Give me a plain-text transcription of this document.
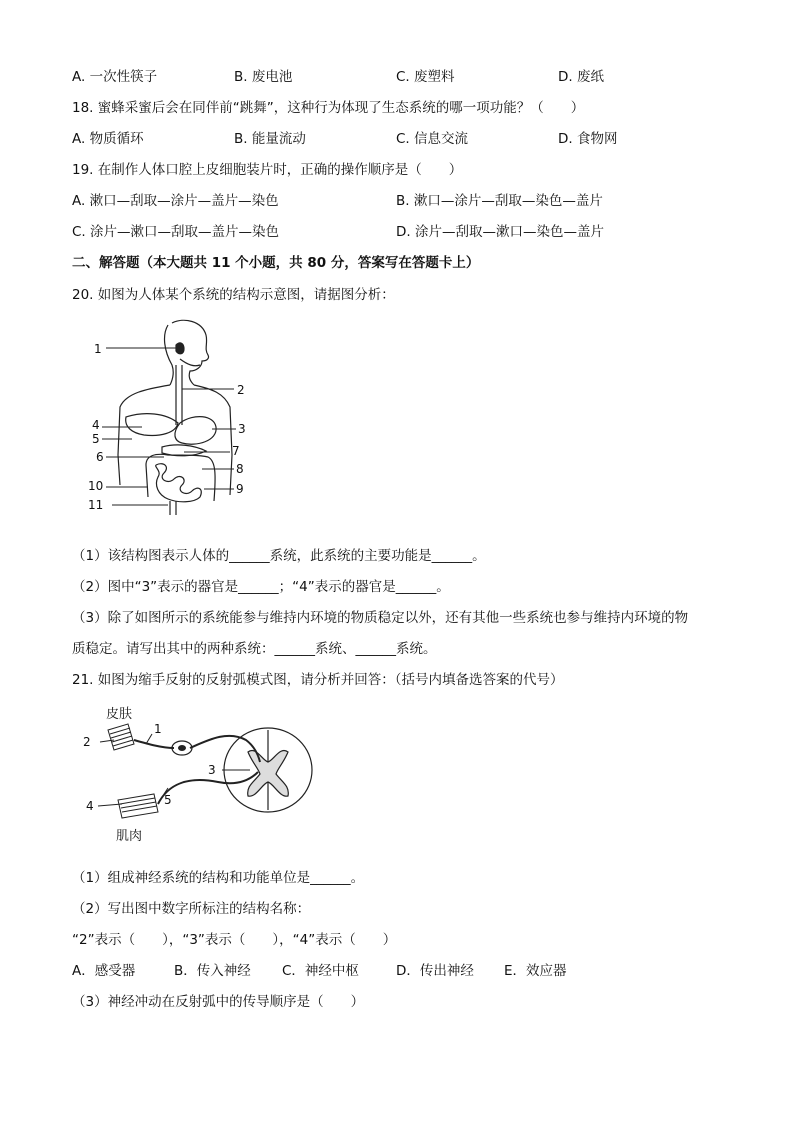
A. 一次性筷子	B. 废电池	C. 废塑料	D. 废纸
18. 蜜蜂采蜜后会在同伴前“跳舞”，这种行为体现了生态系统的哪一项功能？（　　）
A. 物质循环	B. 能量流动	C. 信息交流	D. 食物网
19. 在制作人体口腔上皮细胞装片时，正确的操作顺序是（　　）
A. 漱口—刮取—涂片—盖片—染色	B. 漱口—涂片—刮取—染色—盖片
C. 涂片—漱口—刮取—盖片—染色	D. 涂片—刮取—漱口—染色—盖片
二、解答题（本大题共 11 个小题，共 80 分，答案写在答题卡上）
20. 如图为人体某个系统的结构示意图，请据图分析：
1
2
3
4
5
6	7
8
9
10
11
（1）该结构图表示人体的______系统，此系统的主要功能是______。
（2）图中“3”表示的器官是______；“4”表示的器官是______。
（3）除了如图所示的系统能参与维持内环境的物质稳定以外，还有其他一些系统也参与维持内环境的物
质稳定。请写出其中的两种系统：______系统、______系统。
21. 如图为缩手反射的反射弧模式图，请分析并回答：（括号内填备选答案的代号）
皮肤
肌肉
1
2
3
4	5
（1）组成神经系统的结构和功能单位是______。
（2）写出图中数字所标注的结构名称：
“2”表示（　　），“3”表示（　　），“4”表示（　　）
A．感受器	B．传入神经 C．神经中枢	D．传出神经 E．效应器
（3）神经冲动在反射弧中的传导顺序是（　　）
